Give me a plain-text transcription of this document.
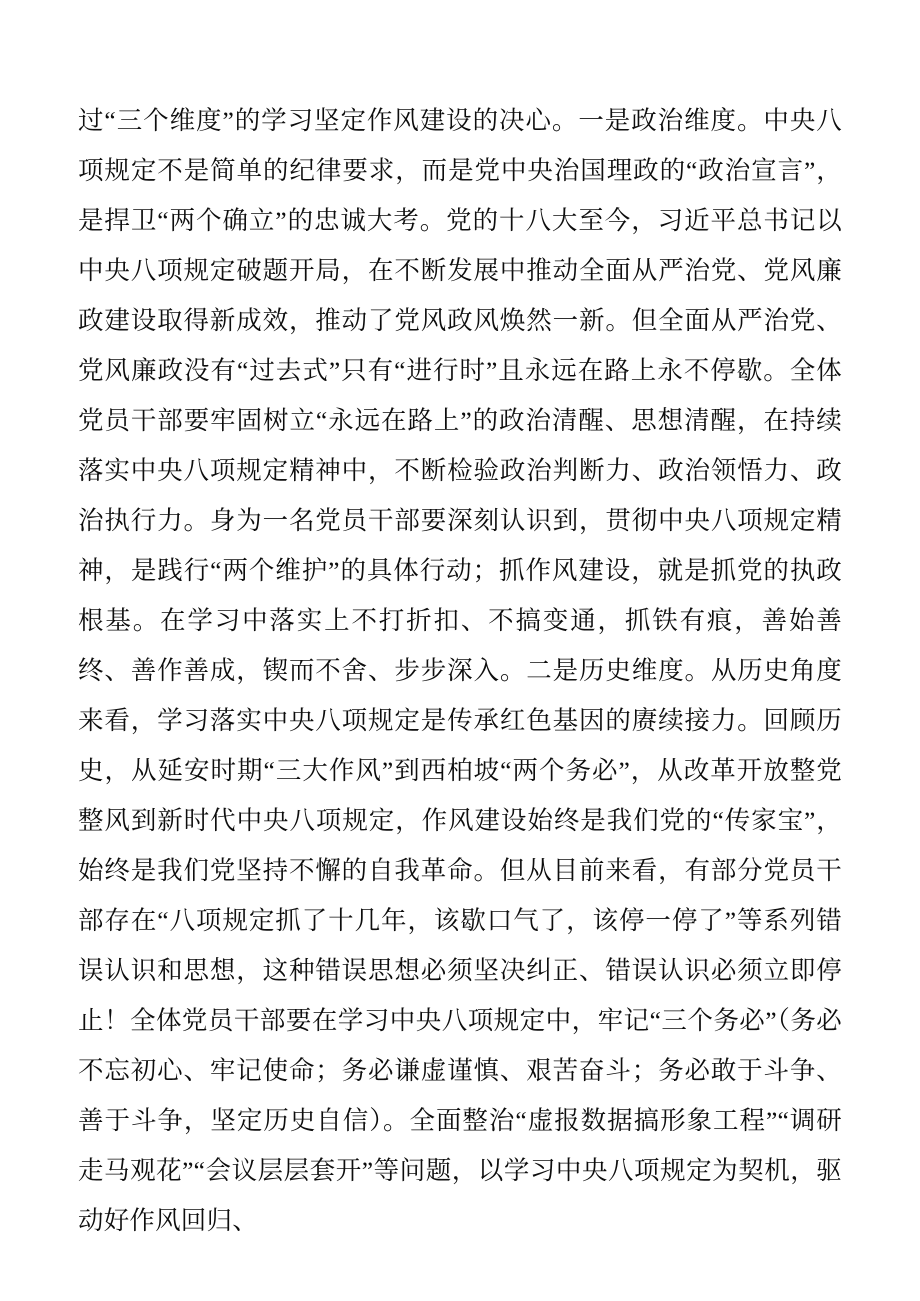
过“三个维度”的学习坚定作风建设的决心。一是政治维度。中央八项规定不是简单的纪律要求，而是党中央治国理政的“政治宣言”，是捍卫“两个确立”的忠诚大考。党的十八大至今，习近平总书记以中央八项规定破题开局，在不断发展中推动全面从严治党、党风廉政建设取得新成效，推动了党风政风焕然一新。但全面从严治党、党风廉政没有“过去式”只有“进行时”且永远在路上永不停歇。全体党员干部要牢固树立“永远在路上”的政治清醒、思想清醒，在持续落实中央八项规定精神中，不断检验政治判断力、政治领悟力、政治执行力。身为一名党员干部要深刻认识到，贯彻中央八项规定精神，是践行“两个维护”的具体行动；抓作风建设，就是抓党的执政根基。在学习中落实上不打折扣、不搞变通，抓铁有痕，善始善终、善作善成，锲而不舍、步步深入。二是历史维度。从历史角度来看，学习落实中央八项规定是传承红色基因的赓续接力。回顾历史，从延安时期“三大作风”到西柏坡“两个务必”，从改革开放整党整风到新时代中央八项规定，作风建设始终是我们党的“传家宝”，始终是我们党坚持不懈的自我革命。但从目前来看，有部分党员干部存在“八项规定抓了十几年，该歇口气了，该停一停了”等系列错误认识和思想，这种错误思想必须坚决纠正、错误认识必须立即停止！全体党员干部要在学习中央八项规定中，牢记“三个务必”（务必不忘初心、牢记使命；务必谦虚谨慎、艰苦奋斗；务必敢于斗争、善于斗争，坚定历史自信）。全面整治“虚报数据搞形象工程”“调研走马观花”“会议层层套开”等问题，以学习中央八项规定为契机，驱动好作风回归、
